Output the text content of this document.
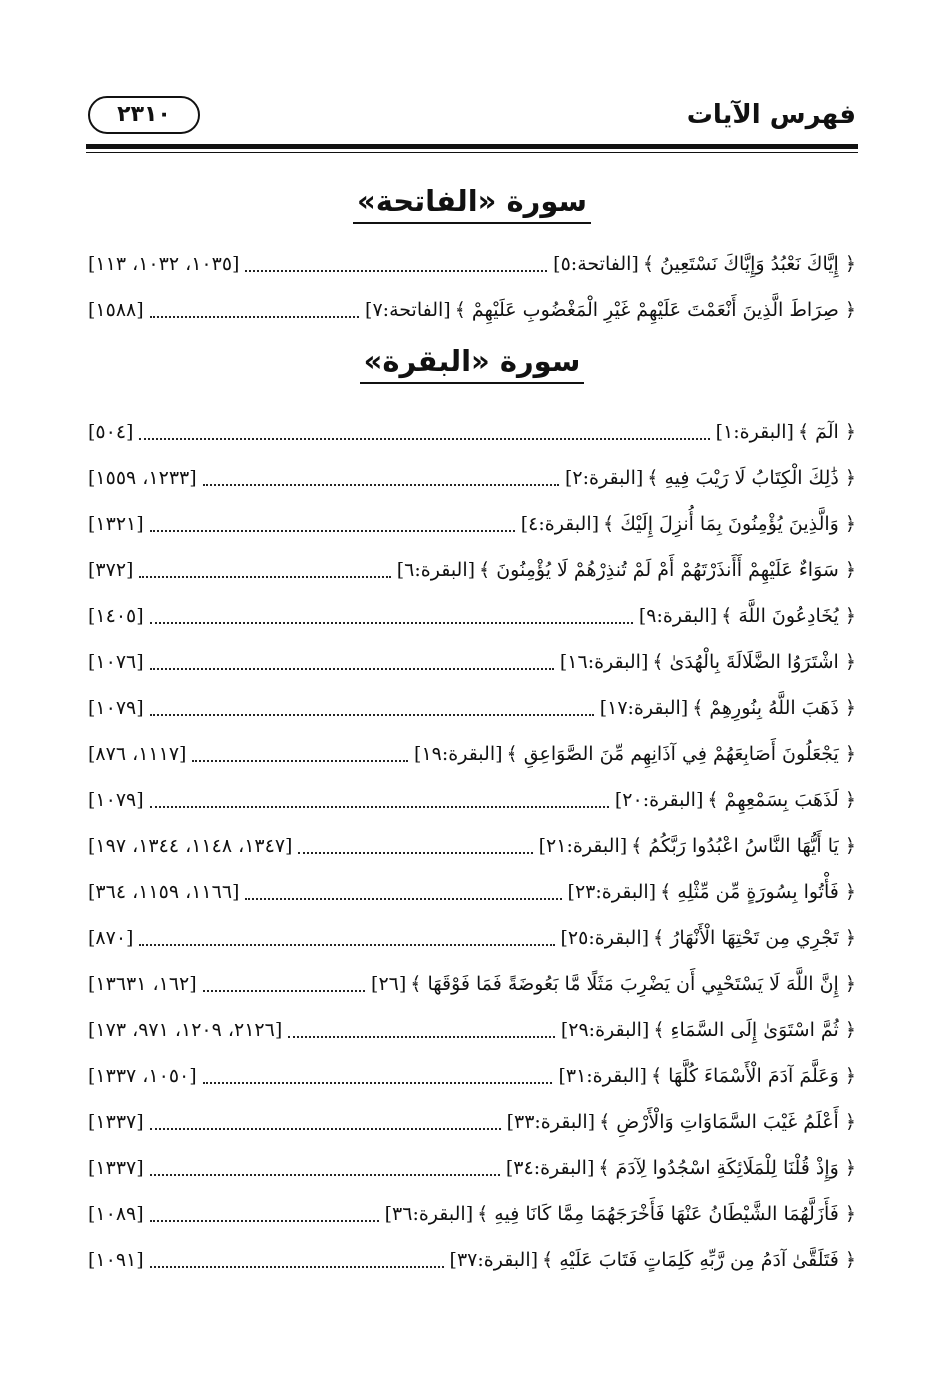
فهرس الآيات
٢٣١٠
سورة «الفاتحة»
﴿ إِيَّاكَ نَعْبُدُ وَإِيَّاكَ نَسْتَعِينُ ﴾
[الفاتحة:٥]
[١٠٣٥، ١٠٣٢، ١١٣]
﴿ صِرَاطَ الَّذِينَ أَنْعَمْتَ عَلَيْهِمْ غَيْرِ الْمَغْضُوبِ عَلَيْهِمْ ﴾
[الفاتحة:٧]
[١٥٨٨]
سورة «البقرة»
﴿ الٓمٓ ﴾
[البقرة:١]
[٥٠٤]
﴿ ذَٰلِكَ الْكِتَابُ لَا رَيْبَ فِيهِ ﴾
[البقرة:٢]
[١٢٣٣، ١٥٥٩]
﴿ وَالَّذِينَ يُؤْمِنُونَ بِمَا أُنزِلَ إِلَيْكَ ﴾
[البقرة:٤]
[١٣٢١]
﴿ سَوَاءٌ عَلَيْهِمْ أَأَنذَرْتَهُمْ أَمْ لَمْ تُنذِرْهُمْ لَا يُؤْمِنُونَ ﴾
[البقرة:٦]
[٣٧٢]
﴿ يُخَادِعُونَ اللَّهَ ﴾
[البقرة:٩]
[١٤٠٥]
﴿ اشْتَرَوُا الضَّلَالَةَ بِالْهُدَىٰ ﴾
[البقرة:١٦]
[١٠٧٦]
﴿ ذَهَبَ اللَّهُ بِنُورِهِمْ ﴾
[البقرة:١٧]
[١٠٧٩]
﴿ يَجْعَلُونَ أَصَابِعَهُمْ فِي آذَانِهِم مِّنَ الصَّوَاعِقِ ﴾
[البقرة:١٩]
[١١١٧، ٨٧٦]
﴿ لَذَهَبَ بِسَمْعِهِمْ ﴾
[البقرة:٢٠]
[١٠٧٩]
﴿ يَا أَيُّهَا النَّاسُ اعْبُدُوا رَبَّكُمُ ﴾
[البقرة:٢١]
[١٣٤٧، ١١٤٨، ١٣٤٤، ١٩٧]
﴿ فَأْتُوا بِسُورَةٍ مِّن مِّثْلِهِ ﴾
[البقرة:٢٣]
[١١٦٦، ١١٥٩، ٣٦٤]
﴿ تَجْرِي مِن تَحْتِهَا الْأَنْهَارُ ﴾
[البقرة:٢٥]
[٨٧٠]
﴿ إِنَّ اللَّهَ لَا يَسْتَحْيِي أَن يَضْرِبَ مَثَلًا مَّا بَعُوضَةً فَمَا فَوْقَهَا ﴾
[٢٦]
[١٦٢، ١٣٦٣١]
﴿ ثُمَّ اسْتَوَىٰ إِلَى السَّمَاءِ ﴾
[البقرة:٢٩]
[٢١٢٦، ١٢٠٩، ٩٧١، ١٧٣]
﴿ وَعَلَّمَ آدَمَ الْأَسْمَاءَ كُلَّهَا ﴾
[البقرة:٣١]
[١٠٥٠، ١٣٣٧]
﴿ أَعْلَمُ غَيْبَ السَّمَاوَاتِ وَالْأَرْضِ ﴾
[البقرة:٣٣]
[١٣٣٧]
﴿ وَإِذْ قُلْنَا لِلْمَلَائِكَةِ اسْجُدُوا لِآدَمَ ﴾
[البقرة:٣٤]
[١٣٣٧]
﴿ فَأَزَلَّهُمَا الشَّيْطَانُ عَنْهَا فَأَخْرَجَهُمَا مِمَّا كَانَا فِيهِ ﴾
[البقرة:٣٦]
[١٠٨٩]
﴿ فَتَلَقَّىٰ آدَمُ مِن رَّبِّهِ كَلِمَاتٍ فَتَابَ عَلَيْهِ ﴾
[البقرة:٣٧]
[١٠٩١]
